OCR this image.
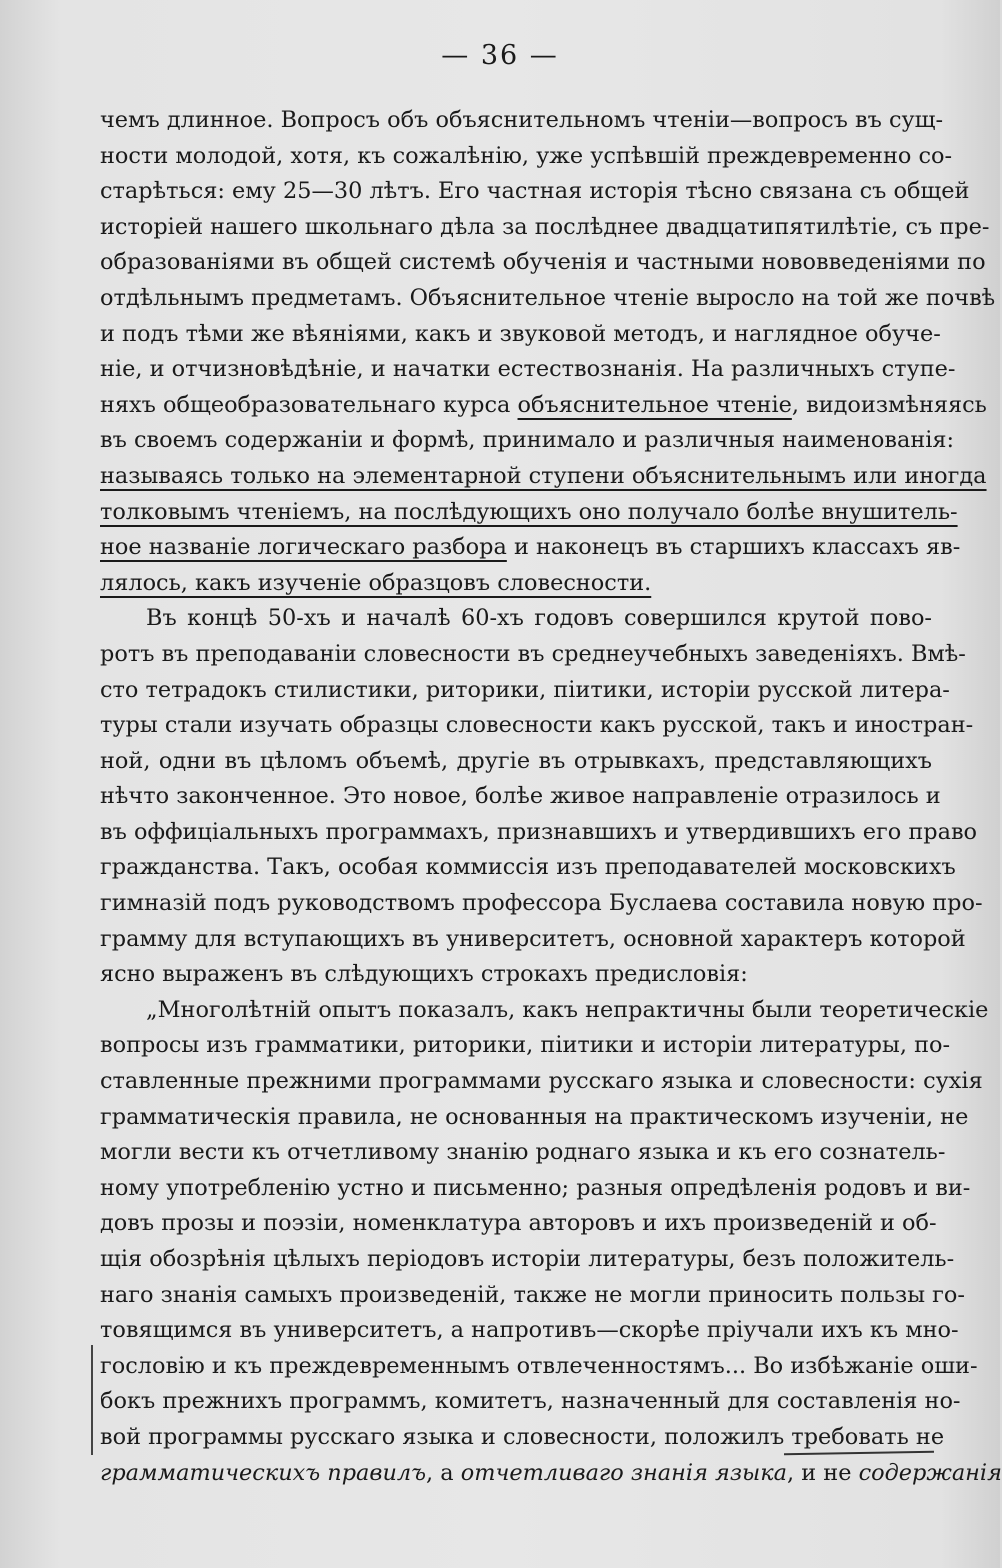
— 36 —
чемъ длинное. Вопросъ объ объяснительномъ чтеніи—вопросъ въ сущ-
ности молодой, хотя, къ сожалѣнію, уже успѣвшій преждевременно со-
старѣться: ему 25—30 лѣтъ. Его частная исторія тѣсно связана съ общей
исторіей нашего школьнаго дѣла за послѣднее двадцатипятилѣтіе, съ пре-
образованіями въ общей системѣ обученія и частными нововведеніями по
отдѣльнымъ предметамъ. Объяснительное чтеніе выросло на той же почвѣ
и подъ тѣми же вѣяніями, какъ и звуковой методъ, и наглядное обуче-
ніе, и отчизновѣдѣніе, и начатки естествознанія. На различныхъ ступе-
няхъ общеобразовательнаго курса объяснительное чтеніе, видоизмѣняясь
въ своемъ содержаніи и формѣ, принимало и различныя наименованія:
называясь только на элементарной ступени объяснительнымъ или иногда
толковымъ чтеніемъ, на послѣдующихъ оно получало болѣе внушитель-
ное названіе логическаго разбора и наконецъ въ старшихъ классахъ яв-
лялось, какъ изученіе образцовъ словесности.
Въ концѣ 50-хъ и началѣ 60-хъ годовъ совершился крутой пово-
ротъ въ преподаваніи словесности въ среднеучебныхъ заведеніяхъ. Вмѣ-
сто тетрадокъ стилистики, риторики, піитики, исторіи русской литера-
туры стали изучать образцы словесности какъ русской, такъ и иностран-
ной, одни въ цѣломъ объемѣ, другіе въ отрывкахъ, представляющихъ
нѣчто законченное. Это новое, болѣе живое направленіе отразилось и
въ оффиціальныхъ программахъ, признавшихъ и утвердившихъ его право
гражданства. Такъ, особая коммиссія изъ преподавателей московскихъ
гимназій подъ руководствомъ профессора Буслаева составила новую про-
грамму для вступающихъ въ университетъ, основной характеръ которой
ясно выраженъ въ слѣдующихъ строкахъ предисловія:
„Многолѣтній опытъ показалъ, какъ непрактичны были теоретическіе
вопросы изъ грамматики, риторики, піитики и исторіи литературы, по-
ставленные прежними программами русскаго языка и словесности: сухія
грамматическія правила, не основанныя на практическомъ изученіи, не
могли вести къ отчетливому знанію роднаго языка и къ его сознатель-
ному употребленію устно и письменно; разныя опредѣленія родовъ и ви-
довъ прозы и поэзіи, номенклатура авторовъ и ихъ произведеній и об-
щія обозрѣнія цѣлыхъ періодовъ исторіи литературы, безъ положитель-
наго знанія самыхъ произведеній, также не могли приносить пользы го-
товящимся въ университетъ, а напротивъ—скорѣе пріучали ихъ къ мно-
гословію и къ преждевременнымъ отвлеченностямъ... Во избѣжаніе оши-
бокъ прежнихъ программъ, комитетъ, назначенный для составленія но-
вой программы русскаго языка и словесности, положилъ требовать не
грамматическихъ правилъ, а отчетливаго знанія языка, и не содержанія
